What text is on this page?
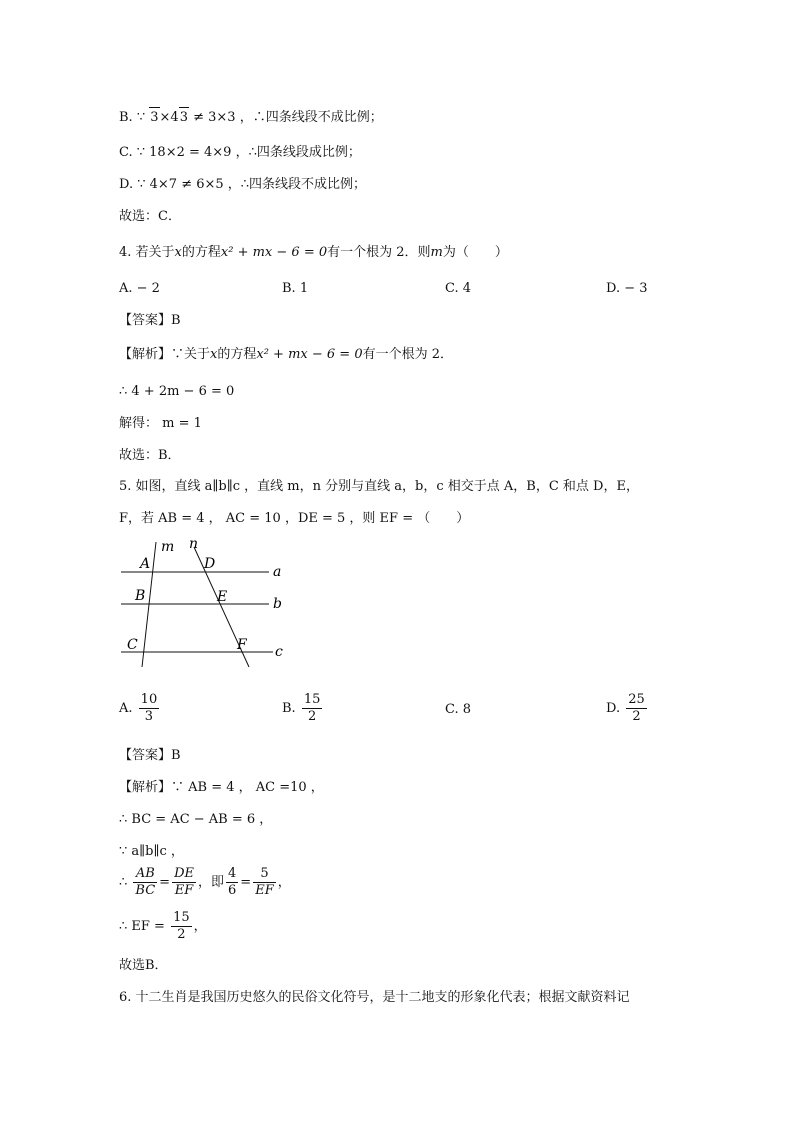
B. ∵ 3×43 ≠ 3×3 ，∴四条线段不成比例；
C. ∵ 18×2 = 4×9 ，∴四条线段成比例；
D. ∵ 4×7 ≠ 6×5 ，∴四条线段不成比例；
故选：C．
4. 若关于x的方程x² + mx − 6 = 0有一个根为 2．则m为（　　）
A. − 2	B. 1	C. 4	D. − 3
【答案】B
【解析】∵关于x的方程x² + mx − 6 = 0有一个根为 2．
∴ 4 + 2m − 6 = 0
解得： m = 1
故选：B．
5. 如图，直线 a∥b∥c ，直线 m，n 分别与直线 a，b，c 相交于点 A，B，C 和点 D，E，
F，若 AB = 4 ， AC = 10 ，DE = 5 ，则 EF = （　　）
m n
A	D	a
B	E	b
C	F c
A. $\frac{10}{3}$	B. $\frac{15}{2}$	C. 8	D. $\frac{25}{2}$
【答案】B
【解析】∵ AB = 4 ， AC =10 ，
∴ BC = AC − AB = 6 ，
∵ a∥b∥c ，
∴ $\frac{AB}{BC} = \frac{DE}{EF}$ ，即 $\frac{4}{6} = \frac{5}{EF}$ ，
∴ EF = $\frac{15}{2}$ ，
故选B．
6. 十二生肖是我国历史悠久的民俗文化符号，是十二地支的形象化代表；根据文献资料记
